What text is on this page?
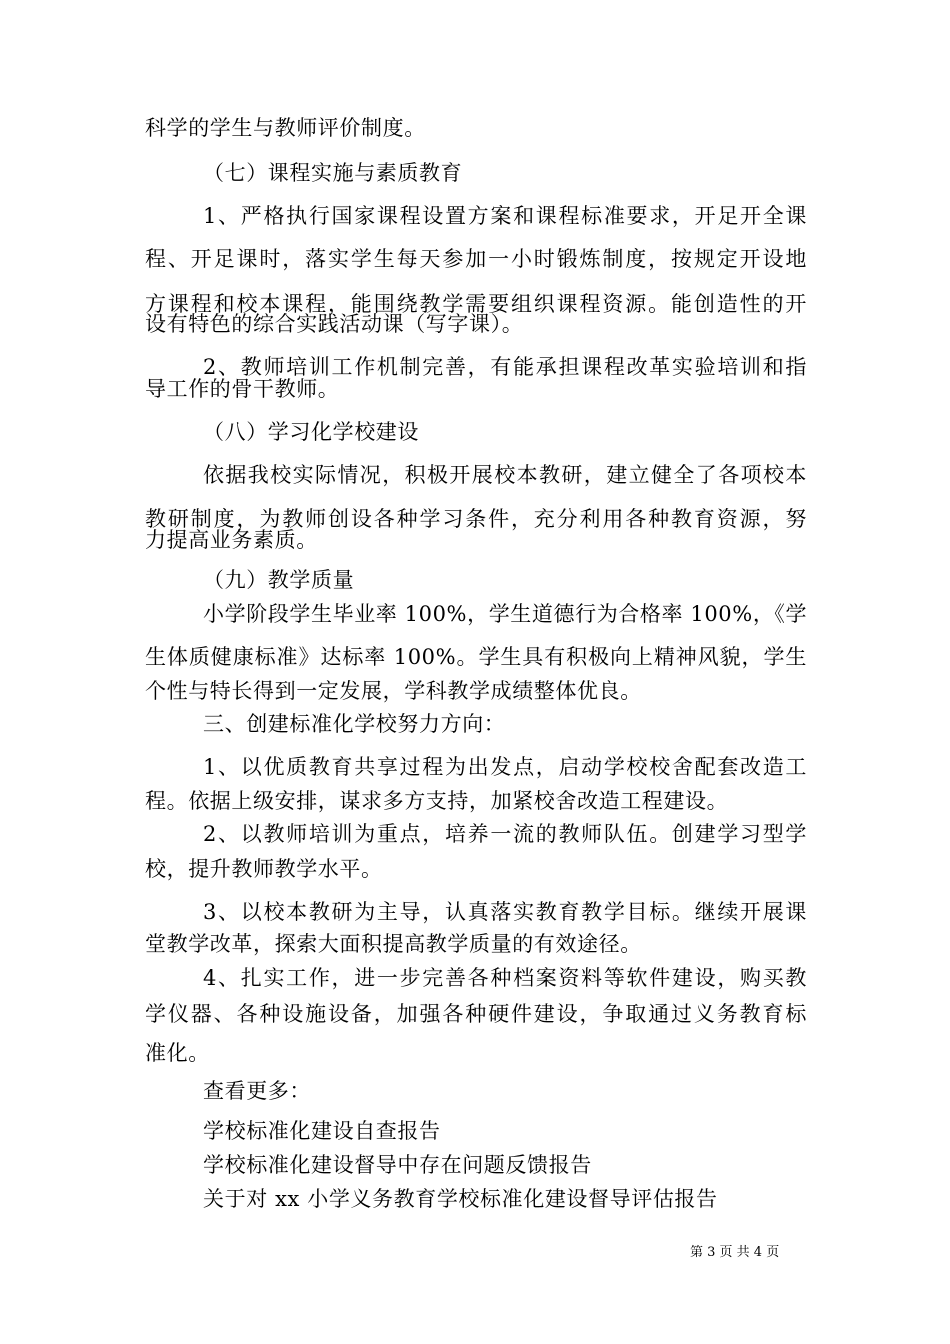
科学的学生与教师评价制度。
（七）课程实施与素质教育
1、严格执行国家课程设置方案和课程标准要求，开足开全课
程、开足课时，落实学生每天参加一小时锻炼制度，按规定开设地
方课程和校本课程，能围绕教学需要组织课程资源。能创造性的开
设有特色的综合实践活动课（写字课）。
2、教师培训工作机制完善，有能承担课程改革实验培训和指
导工作的骨干教师。
（八）学习化学校建设
依据我校实际情况，积极开展校本教研，建立健全了各项校本
教研制度，为教师创设各种学习条件，充分利用各种教育资源，努
力提高业务素质。
（九）教学质量
小学阶段学生毕业率 100%，学生道德行为合格率 100%，《学
生体质健康标准》达标率 100%。学生具有积极向上精神风貌，学生
个性与特长得到一定发展，学科教学成绩整体优良。
三、创建标准化学校努力方向：
1、以优质教育共享过程为出发点，启动学校校舍配套改造工
程。依据上级安排，谋求多方支持，加紧校舍改造工程建设。
2、以教师培训为重点，培养一流的教师队伍。创建学习型学
校，提升教师教学水平。
3、以校本教研为主导，认真落实教育教学目标。继续开展课
堂教学改革，探索大面积提高教学质量的有效途径。
4、扎实工作，进一步完善各种档案资料等软件建设，购买教
学仪器、各种设施设备，加强各种硬件建设，争取通过义务教育标
准化。
查看更多：
学校标准化建设自查报告
学校标准化建设督导中存在问题反馈报告
关于对 xx 小学义务教育学校标准化建设督导评估报告
第 3 页 共 4 页
